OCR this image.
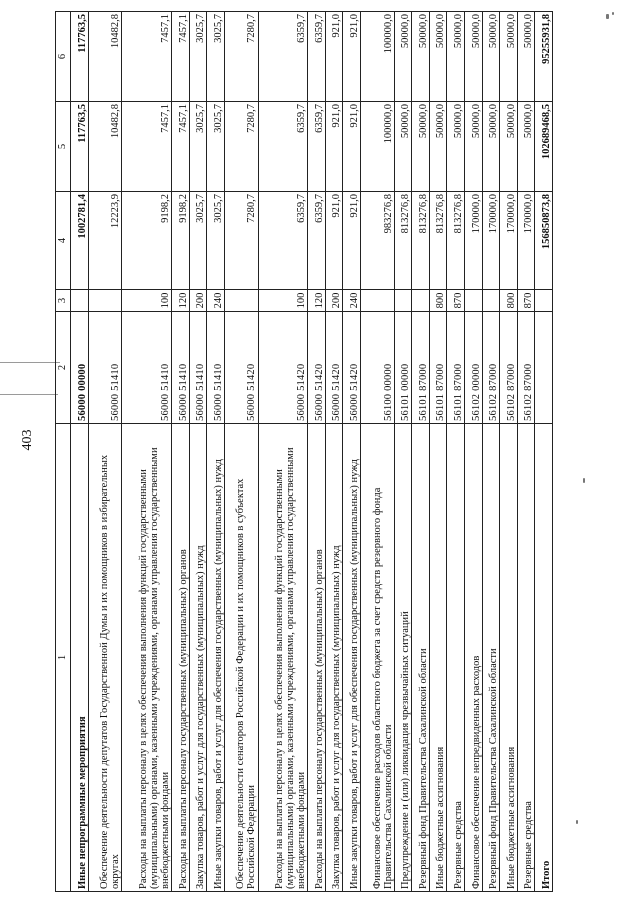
403
1	2	3	4	5	6
Иные непрограммные мероприятия	56000 00000		1002781,4	117763,5	117763,5
Обеспечение деятельности депутатов Государственной Думы и их помощников в избирательных округах	56000 51410		12223,9	10482,8	10482,8
Расходы на выплаты персоналу в целях обеспечения выполнения функций государственными (муниципальными) органами, казенными учреждениями, органами управления государственными внебюджетными фондами	56000 51410	100	9198,2	7457,1	7457,1
Расходы на выплаты персоналу государственных (муниципальных) органов	56000 51410	120	9198,2	7457,1	7457,1
Закупка товаров, работ и услуг для государственных (муниципальных) нужд	56000 51410	200	3025,7	3025,7	3025,7
Иные закупки товаров, работ и услуг для обеспечения государственных (муниципальных) нужд	56000 51410	240	3025,7	3025,7	3025,7
Обеспечение деятельности сенаторов Российской Федерации и их помощников в субъектах Российской Федерации	56000 51420		7280,7	7280,7	7280,7
Расходы на выплаты персоналу в целях обеспечения выполнения функций государственными (муниципальными) органами, казенными учреждениями, органами управления государственными внебюджетными фондами	56000 51420	100	6359,7	6359,7	6359,7
Расходы на выплаты персоналу государственных (муниципальных) органов	56000 51420	120	6359,7	6359,7	6359,7
Закупка товаров, работ и услуг для государственных (муниципальных) нужд	56000 51420	200	921,0	921,0	921,0
Иные закупки товаров, работ и услуг для обеспечения государственных (муниципальных) нужд	56000 51420	240	921,0	921,0	921,0
Финансовое обеспечение расходов областного бюджета за счет средств резервного фонда Правительства Сахалинской области	56100 00000		983276,8	100000,0	100000,0
Предупреждение и (или) ликвидация чрезвычайных ситуаций	56101 00000		813276,8	50000,0	50000,0
Резервный фонд Правительства Сахалинской области	56101 87000		813276,8	50000,0	50000,0
Иные бюджетные ассигнования	56101 87000	800	813276,8	50000,0	50000,0
Резервные средства	56101 87000	870	813276,8	50000,0	50000,0
Финансовое обеспечение непредвиденных расходов	56102 00000		170000,0	50000,0	50000,0
Резервный фонд Правительства Сахалинской области	56102 87000		170000,0	50000,0	50000,0
Иные бюджетные ассигнования	56102 87000	800	170000,0	50000,0	50000,0
Резервные средства	56102 87000	870	170000,0	50000,0	50000,0
Итого			156850873,8	102689468,5	95255931,8
